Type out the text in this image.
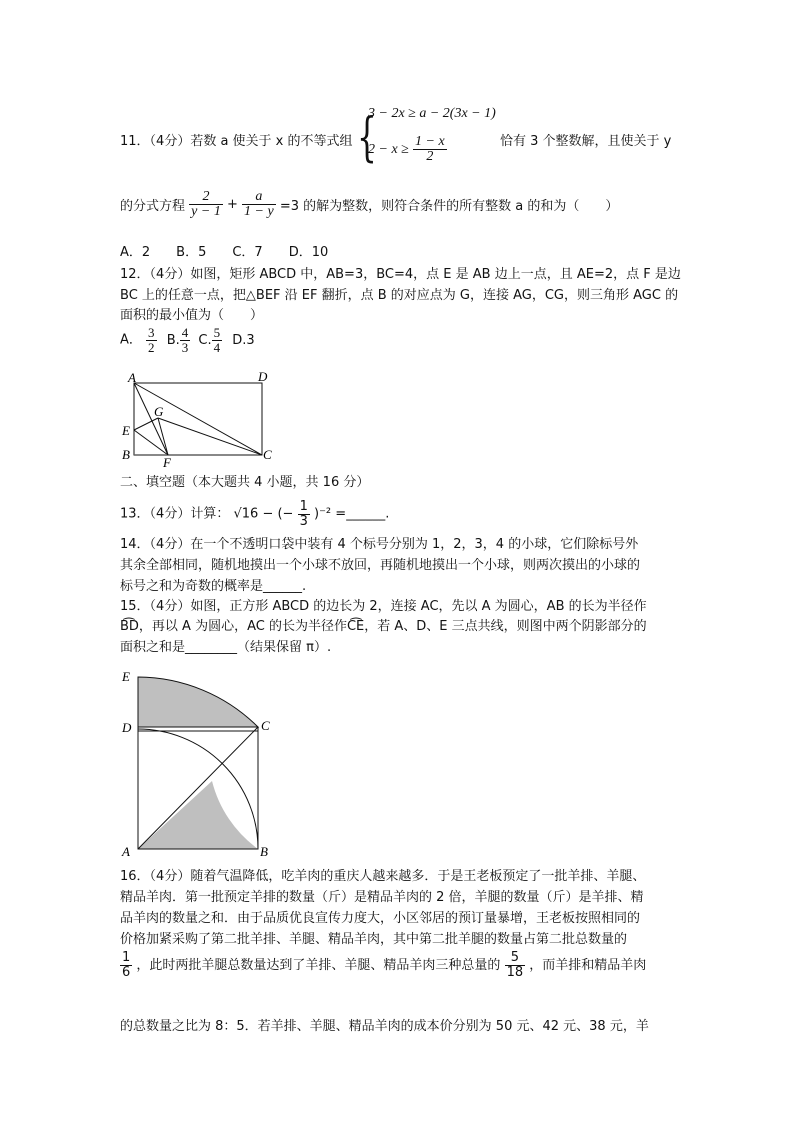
11．（4分）若数 a 使关于 x 的不等式组 {
3 − 2x ≥ a − 2(3x − 1)
$2 - x \ge \frac{1 - x}{2}$	恰有 3 个整数解，且使关于 y
的分式方程 $\frac{2}{y - 1} + \frac{a}{1 - y} =3$ 的解为整数，则符合条件的所有整数 a 的和为（　　）
A．2　　B．5　　C．7　　D．10
12．（4分）如图，矩形 ABCD 中，AB=3，BC=4，点 E 是 AB 边上一点，且 AE=2，点 F 是边
BC 上的任意一点，把△BEF 沿 EF 翻折，点 B 的对应点为 G，连接 AG，CG，则三角形 AGC 的
面积的最小值为（　　）
A． $\frac{3}{2} B$. $\frac{4}{3} C$. $\frac{5}{4} D.3$
A	D
G
E
B
F
C
二、填空题（本大题共 4 小题，共 16 分）
13．（4分）计算： √16 − (− $\frac{1}{3} )^{-2}$ =______.
14．（4分）在一个不透明口袋中装有 4 个标号分别为 1，2，3，4 的小球，它们除标号外
其余全部相同，随机地摸出一个小球不放回，再随机地摸出一个小球，则两次摸出的小球的
标号之和为奇数的概率是______.
15．（4分）如图，正方形 ABCD 的边长为 2，连接 AC，先以 A 为圆心，AB 的长为半径作
B͡D，再以 A 为圆心，AC 的长为半径作C͡E，若 A、D、E 三点共线，则图中两个阴影部分的
面积之和是________（结果保留 π）.
E
D	C
A	B
16．（4分）随着气温降低，吃羊肉的重庆人越来越多．于是王老板预定了一批羊排、羊腿、
精品羊肉．第一批预定羊排的数量（斤）是精品羊肉的 2 倍，羊腿的数量（斤）是羊排、精
品羊肉的数量之和．由于品质优良宣传力度大，小区邻居的预订量暴增，王老板按照相同的
价格加紧采购了第二批羊排、羊腿、精品羊肉，其中第二批羊腿的数量占第二批总数量的
$\frac{1}{6}$ ，此时两批羊腿总数量达到了羊排、羊腿、精品羊肉三种总量的 $\frac{5}{18}$ ，而羊排和精品羊肉
的总数量之比为 8：5．若羊排、羊腿、精品羊肉的成本价分别为 50 元、42 元、38 元，羊
